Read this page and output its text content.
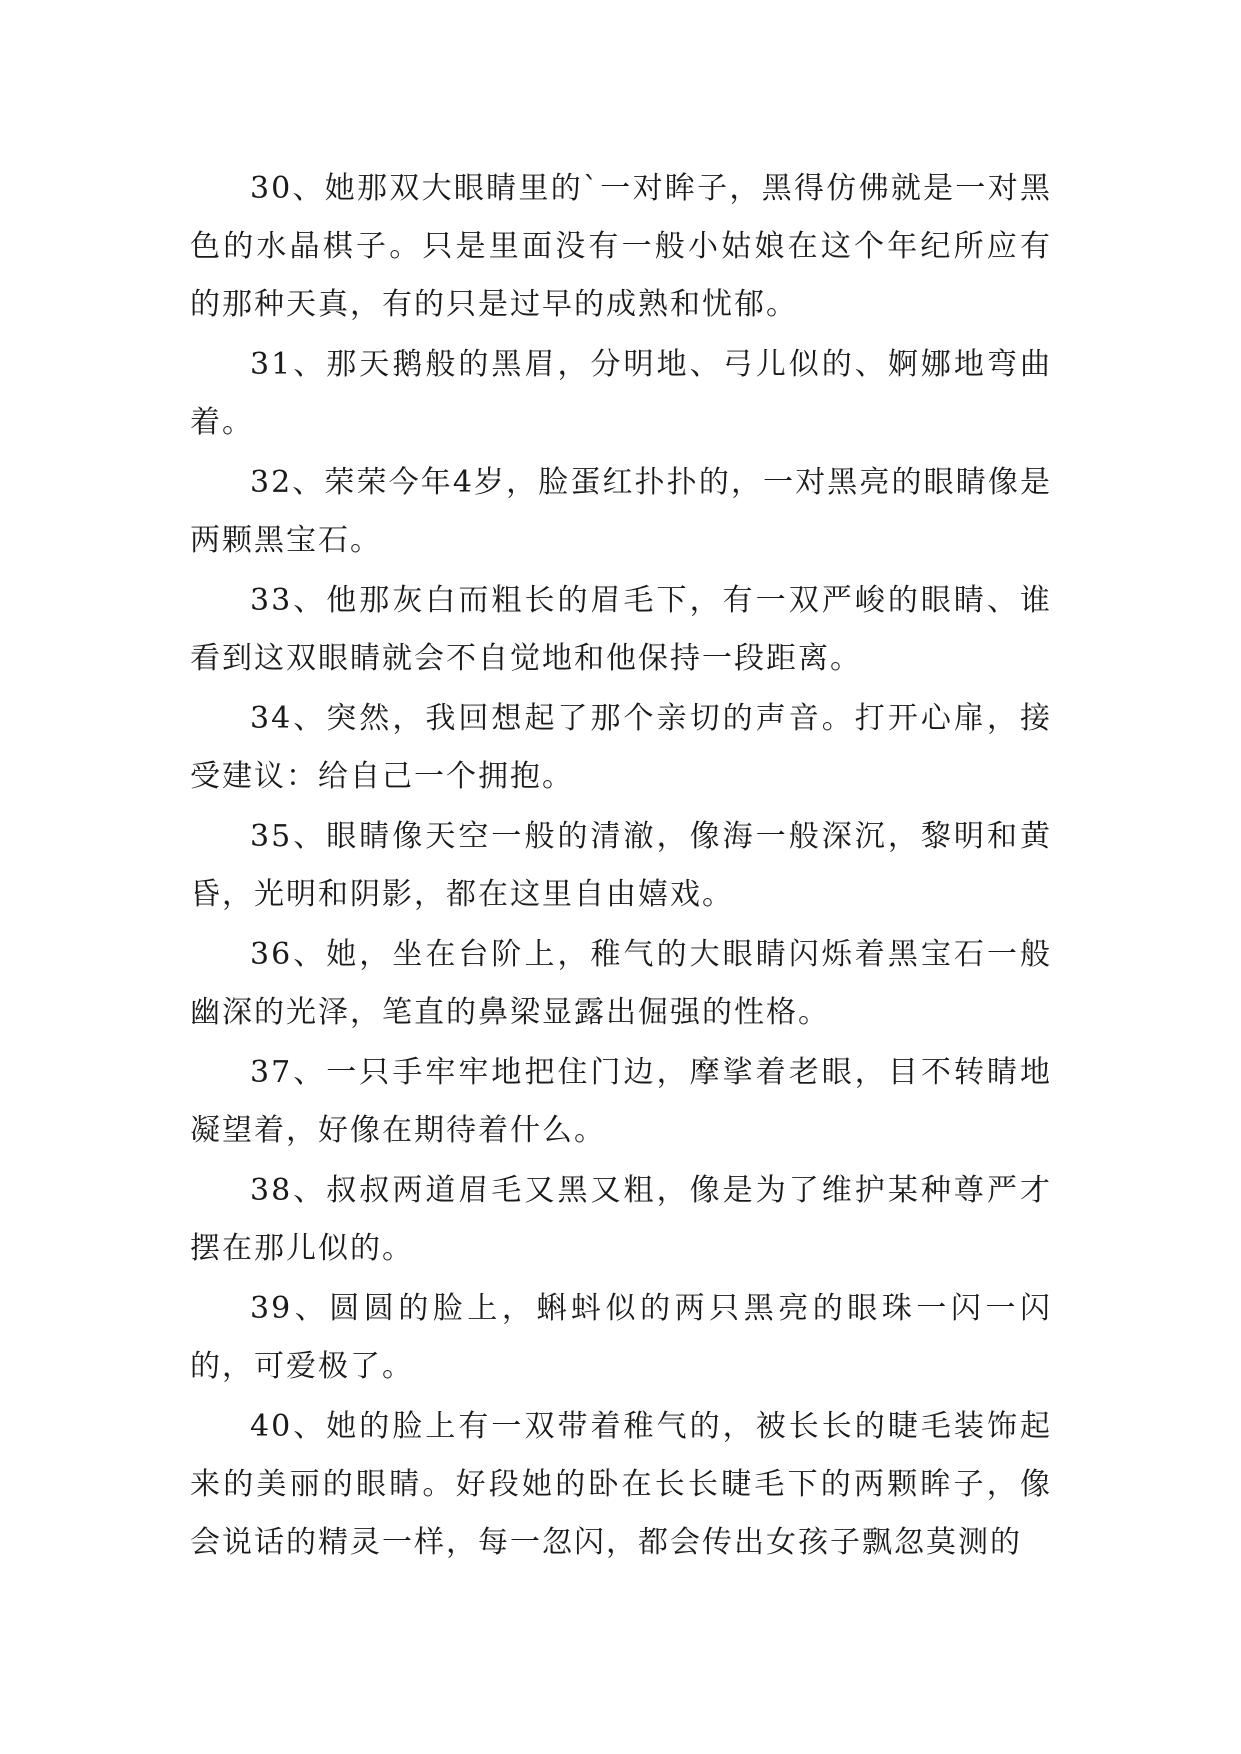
30、她那双大眼睛里的`一对眸子，黑得仿佛就是一对黑色的水晶棋子。只是里面没有一般小姑娘在这个年纪所应有的那种天真，有的只是过早的成熟和忧郁。

31、那天鹅般的黑眉，分明地、弓儿似的、婀娜地弯曲着。

32、荣荣今年4岁，脸蛋红扑扑的，一对黑亮的眼睛像是两颗黑宝石。

33、他那灰白而粗长的眉毛下，有一双严峻的眼睛、谁看到这双眼睛就会不自觉地和他保持一段距离。

34、突然，我回想起了那个亲切的声音。打开心扉，接受建议：给自己一个拥抱。

35、眼睛像天空一般的清澈，像海一般深沉，黎明和黄昏，光明和阴影，都在这里自由嬉戏。

36、她，坐在台阶上，稚气的大眼睛闪烁着黑宝石一般幽深的光泽，笔直的鼻梁显露出倔强的性格。

37、一只手牢牢地把住门边，摩挲着老眼，目不转睛地凝望着，好像在期待着什么。

38、叔叔两道眉毛又黑又粗，像是为了维护某种尊严才摆在那儿似的。

39、圆圆的脸上，蝌蚪似的两只黑亮的眼珠一闪一闪的，可爱极了。

40、她的脸上有一双带着稚气的，被长长的睫毛装饰起来的美丽的眼睛。好段她的卧在长长睫毛下的两颗眸子，像会说话的精灵一样，每一忽闪，都会传出女孩子飘忽莫测的
